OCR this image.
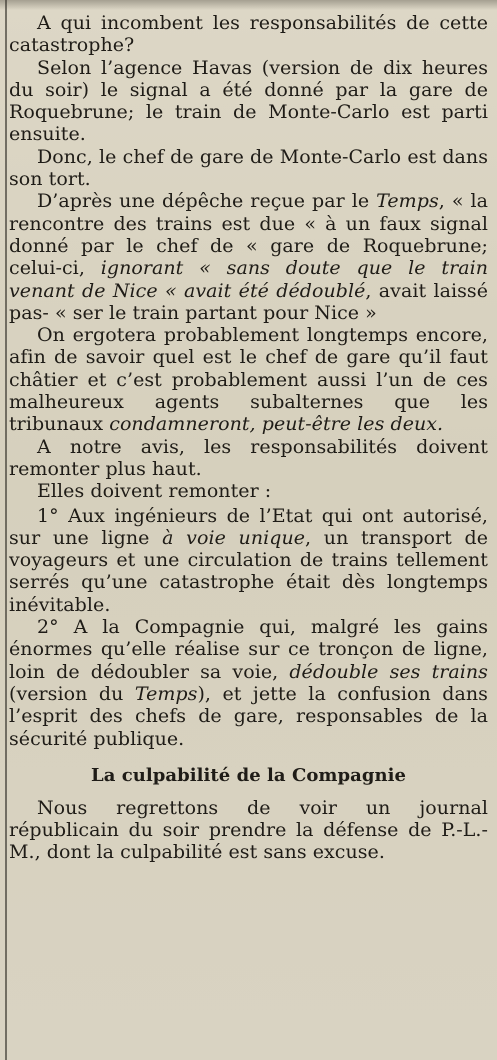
A qui incombent les responsabilités de cette catastrophe?

Selon l’agence Havas (version de dix heures du soir) le signal a été donné par la gare de Roquebrune; le train de Monte-Carlo est parti ensuite.

Donc, le chef de gare de Monte-Carlo est dans son tort.

D’après une dépêche reçue par le Temps, « la rencontre des trains est due « à un faux signal donné par le chef de « gare de Roquebrune; celui-ci, ignorant « sans doute que le train venant de Nice « avait été dédoublé, avait laissé pas- « ser le train partant pour Nice »

On ergotera probablement longtemps encore, afin de savoir quel est le chef de gare qu’il faut châtier et c’est probablement aussi l’un de ces malheureux agents subalternes que les tribunaux condamneront, peut-être les deux.

A notre avis, les responsabilités doivent remonter plus haut.

Elles doivent remonter :

1° Aux ingénieurs de l’Etat qui ont autorisé, sur une ligne à voie unique, un transport de voyageurs et une circulation de trains tellement serrés qu’une catastrophe était dès longtemps inévitable.

2° A la Compagnie qui, malgré les gains énormes qu’elle réalise sur ce tronçon de ligne, loin de dédoubler sa voie, dédouble ses trains (version du Temps), et jette la confusion dans l’esprit des chefs de gare, responsables de la sécurité publique.

La culpabilité de la Compagnie

Nous regrettons de voir un journal républicain du soir prendre la défense de P.-L.-M., dont la culpabilité est sans excuse.
